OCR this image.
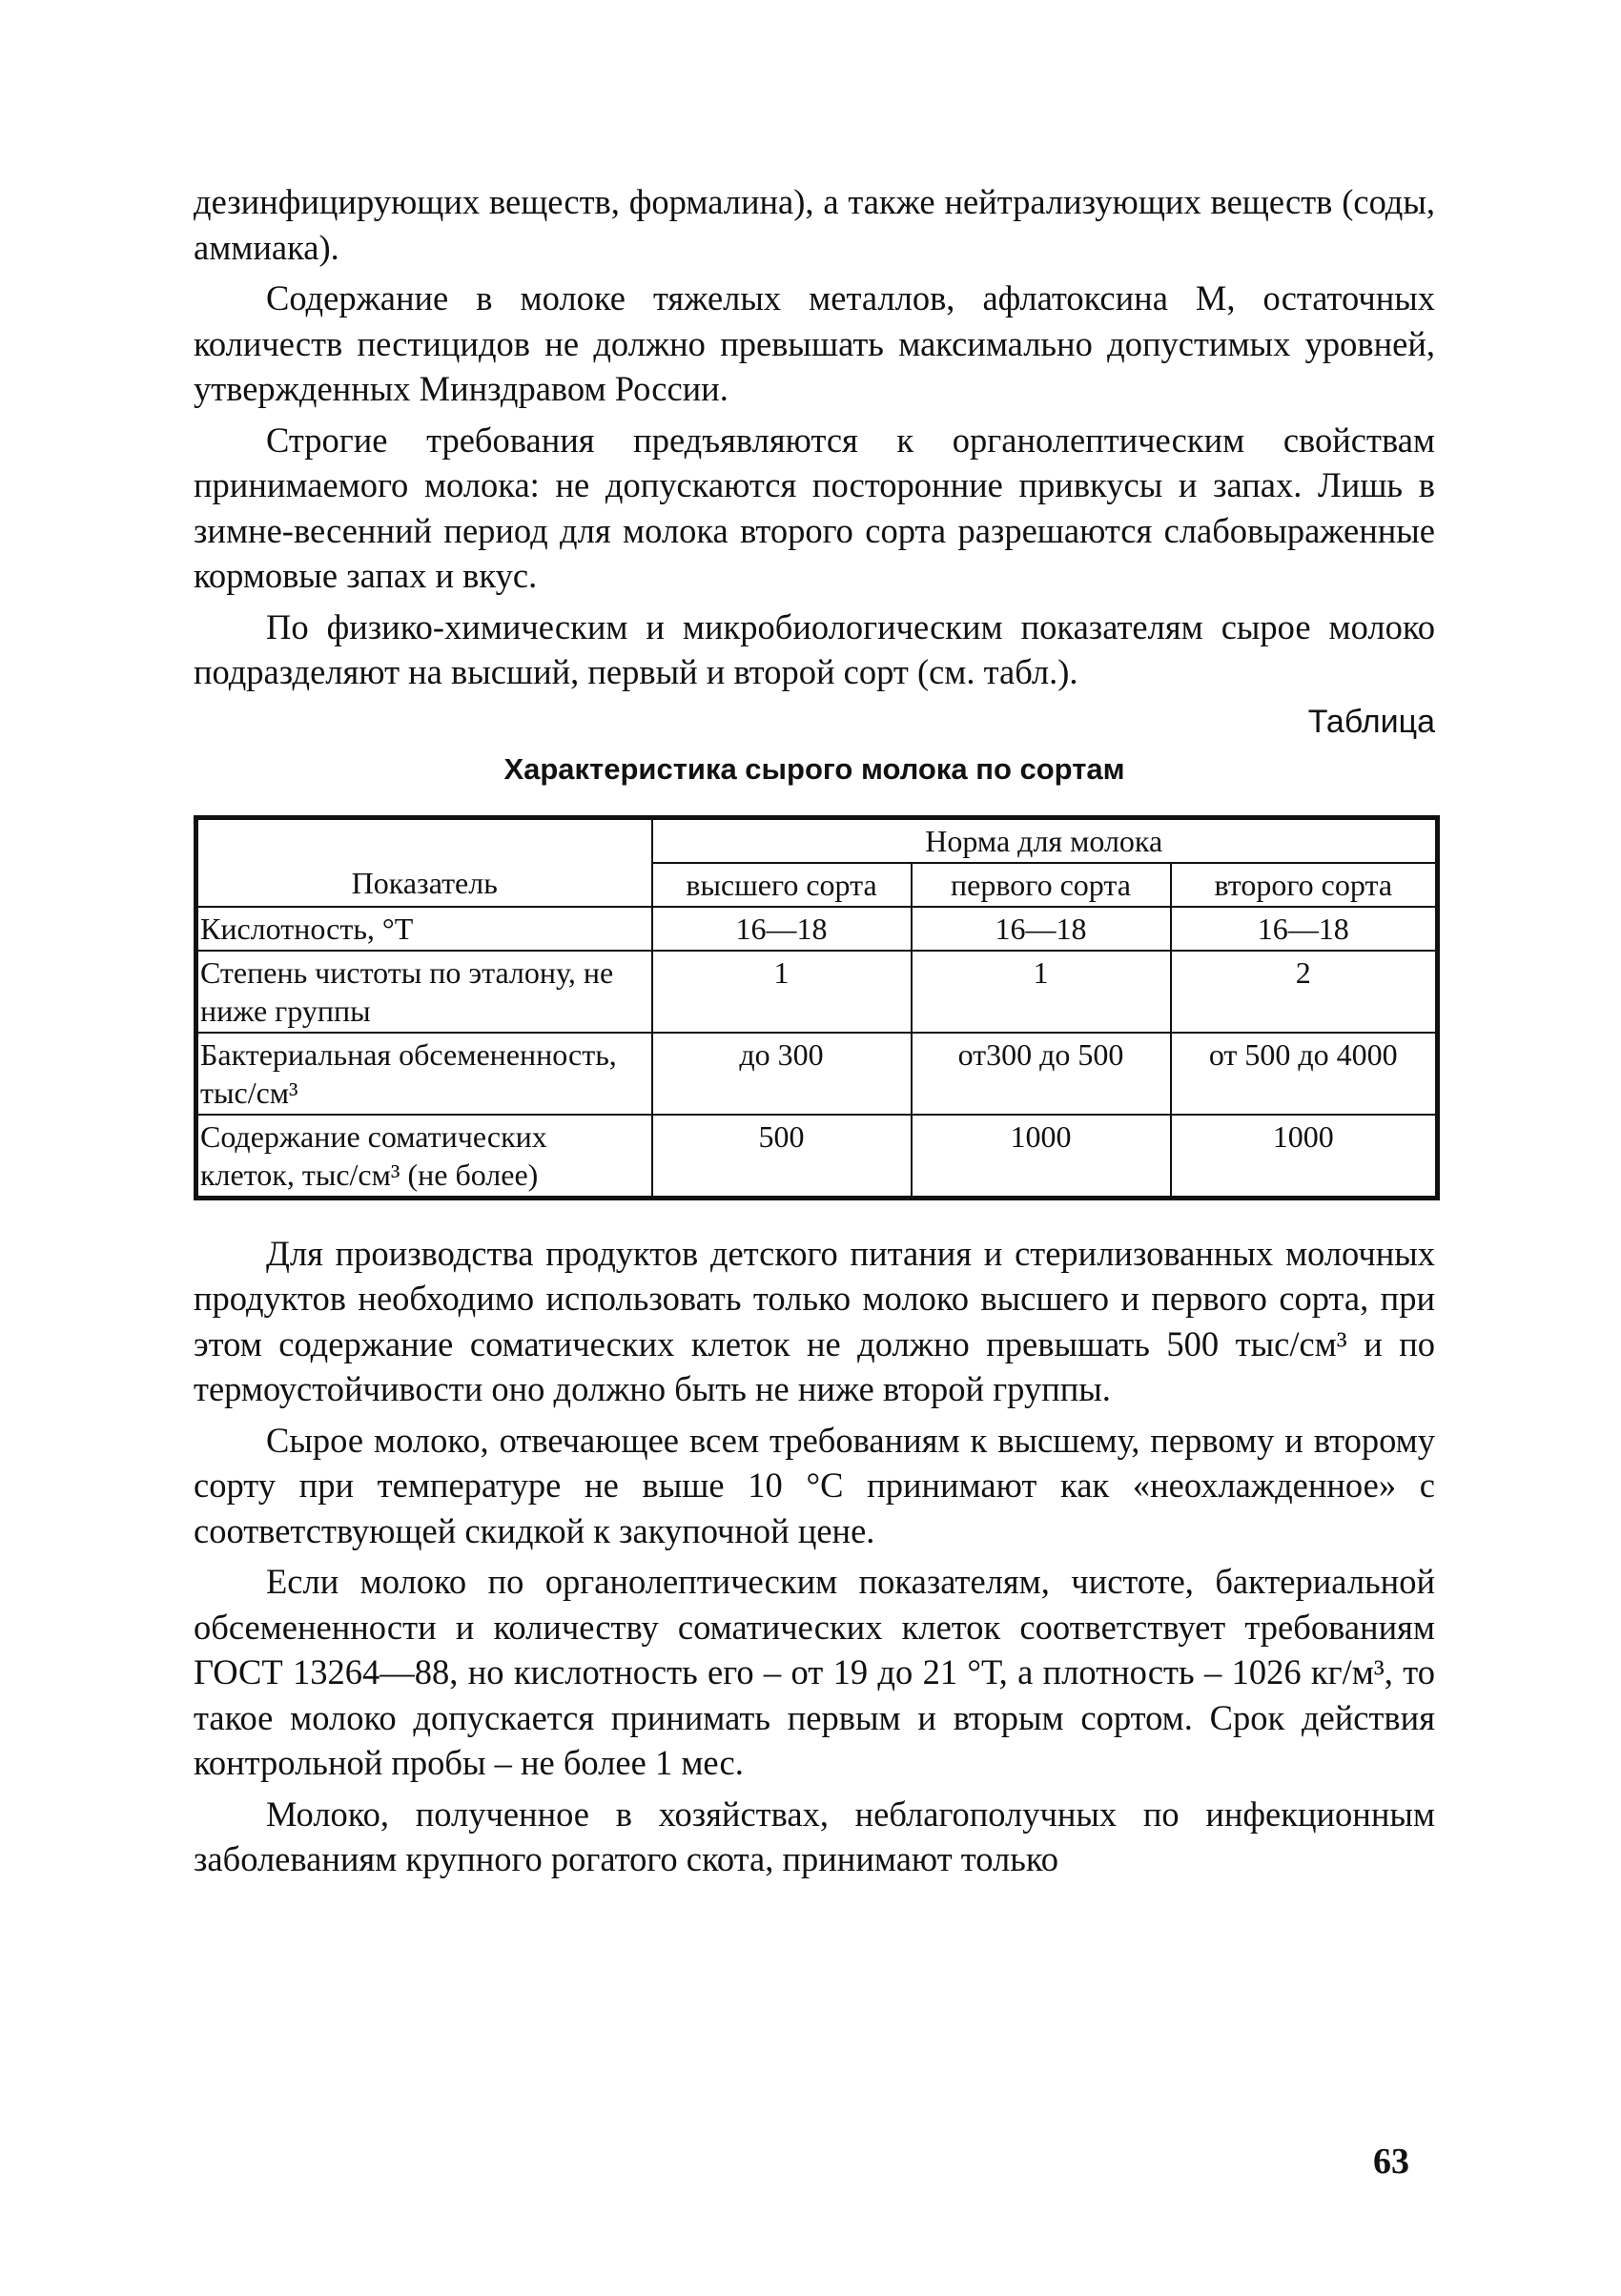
дезинфицирующих веществ, формалина), а также нейтрализующих веществ (соды, аммиака).

Содержание в молоке тяжелых металлов, афлатоксина М, остаточных количеств пестицидов не должно превышать максимально допустимых уровней, утвержденных Минздравом России.

Строгие требования предъявляются к органолептическим свойствам принимаемого молока: не допускаются посторонние привкусы и запах. Лишь в зимне-весенний период для молока второго сорта разрешаются слабовыраженные кормовые запах и вкус.

По физико-химическим и микробиологическим показателям сырое молоко подразделяют на высший, первый и второй сорт (см. табл.).

Таблица
Характеристика сырого молока по сортам
Показатель	Норма для молока		
	высшего сорта	первого сорта	второго сорта
Кислотность, °Т	16—18	16—18	16—18
Степень чистоты по эталону, не ниже группы	1	1	2
Бактериальная обсемененность, тыс/см³	до 300	от300 до 500	от 500 до 4000
Содержание соматических клеток, тыс/см³ (не более)	500	1000	1000

Для производства продуктов детского питания и стерилизованных молочных продуктов необходимо использовать только молоко высшего и первого сорта, при этом содержание соматических клеток не должно превышать 500 тыс/см³ и по термоустойчивости оно должно быть не ниже второй группы.

Сырое молоко, отвечающее всем требованиям к высшему, первому и второму сорту при температуре не выше 10 °С принимают как «неохлажденное» с соответствующей скидкой к закупочной цене.

Если молоко по органолептическим показателям, чистоте, бактериальной обсемененности и количеству соматических клеток соответствует требованиям ГОСТ 13264—88, но кислотность его – от 19 до 21 °Т, а плотность – 1026 кг/м³, то такое молоко допускается принимать первым и вторым сортом. Срок действия контрольной пробы – не более 1 мес.

Молоко, полученное в хозяйствах, неблагополучных по инфекционным заболеваниям крупного рогатого скота, принимают только

63
